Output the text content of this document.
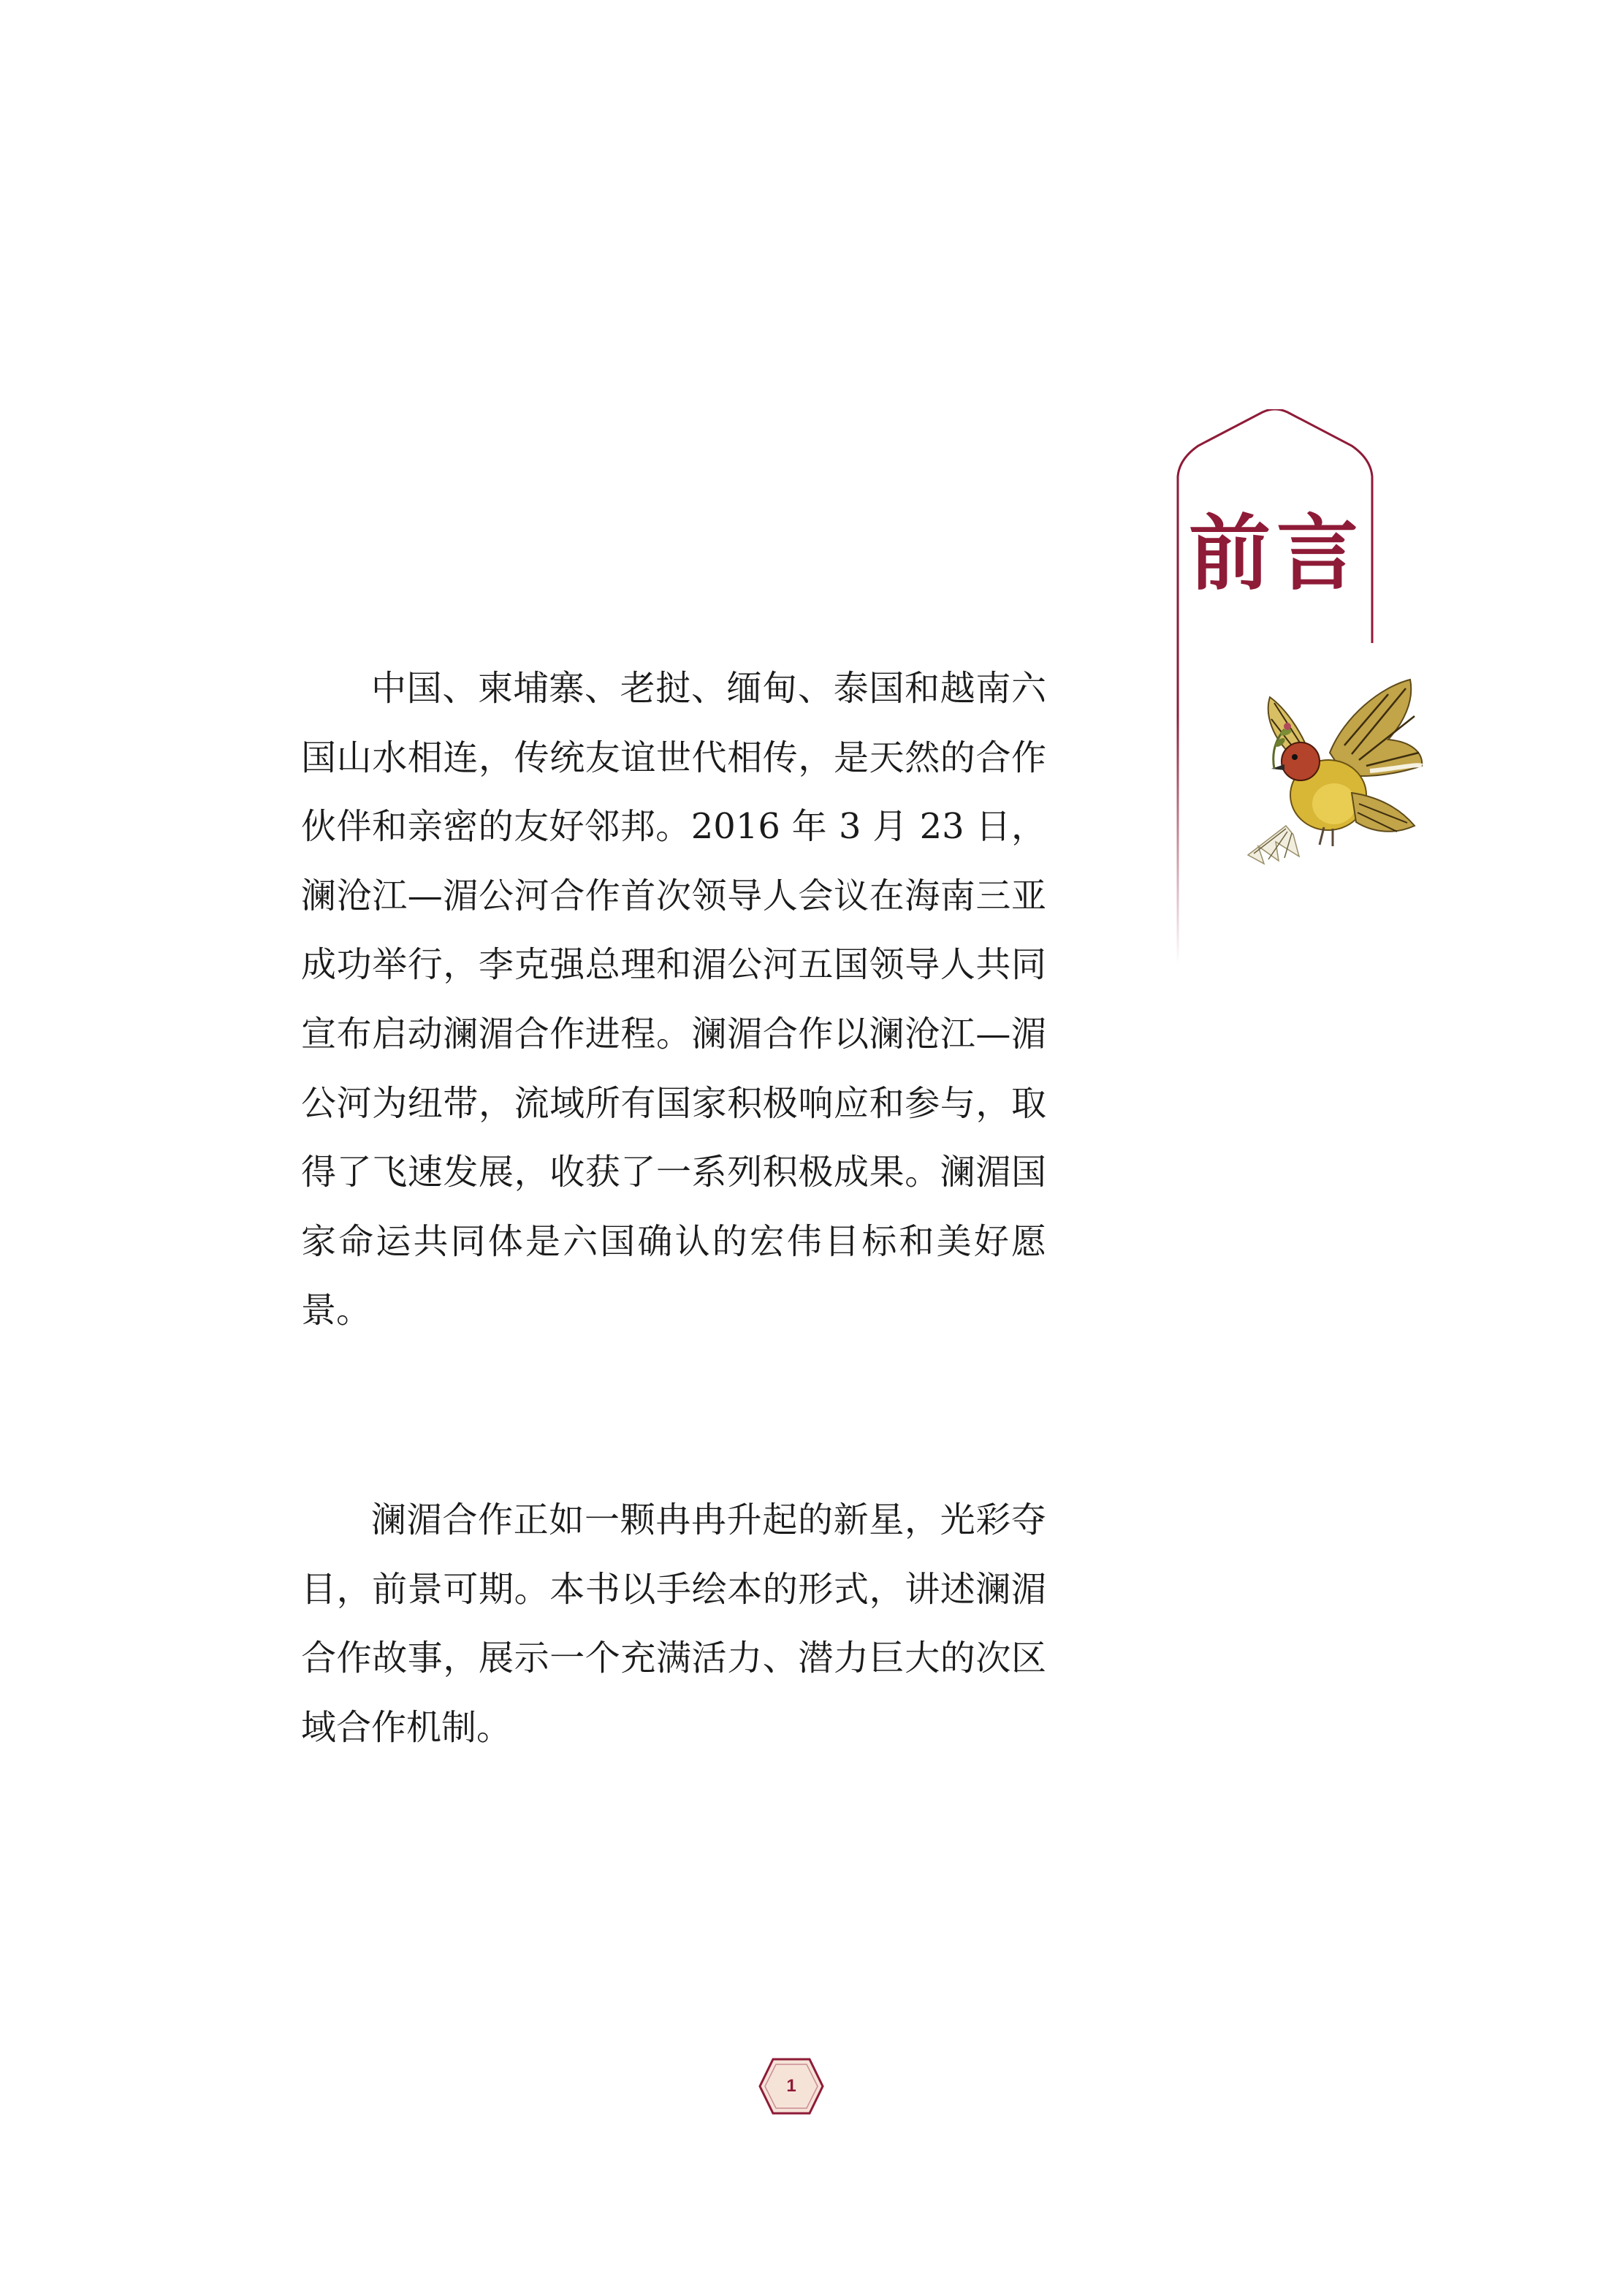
前言

中国、柬埔寨、老挝、缅甸、泰国和越南六国山水相连，传统友谊世代相传，是天然的合作伙伴和亲密的友好邻邦。2016 年 3 月 23 日，澜沧江—湄公河合作首次领导人会议在海南三亚成功举行，李克强总理和湄公河五国领导人共同宣布启动澜湄合作进程。澜湄合作以澜沧江—湄公河为纽带，流域所有国家积极响应和参与，取得了飞速发展，收获了一系列积极成果。澜湄国家命运共同体是六国确认的宏伟目标和美好愿景。

澜湄合作正如一颗冉冉升起的新星，光彩夺目，前景可期。本书以手绘本的形式，讲述澜湄合作故事，展示一个充满活力、潜力巨大的次区域合作机制。

1
